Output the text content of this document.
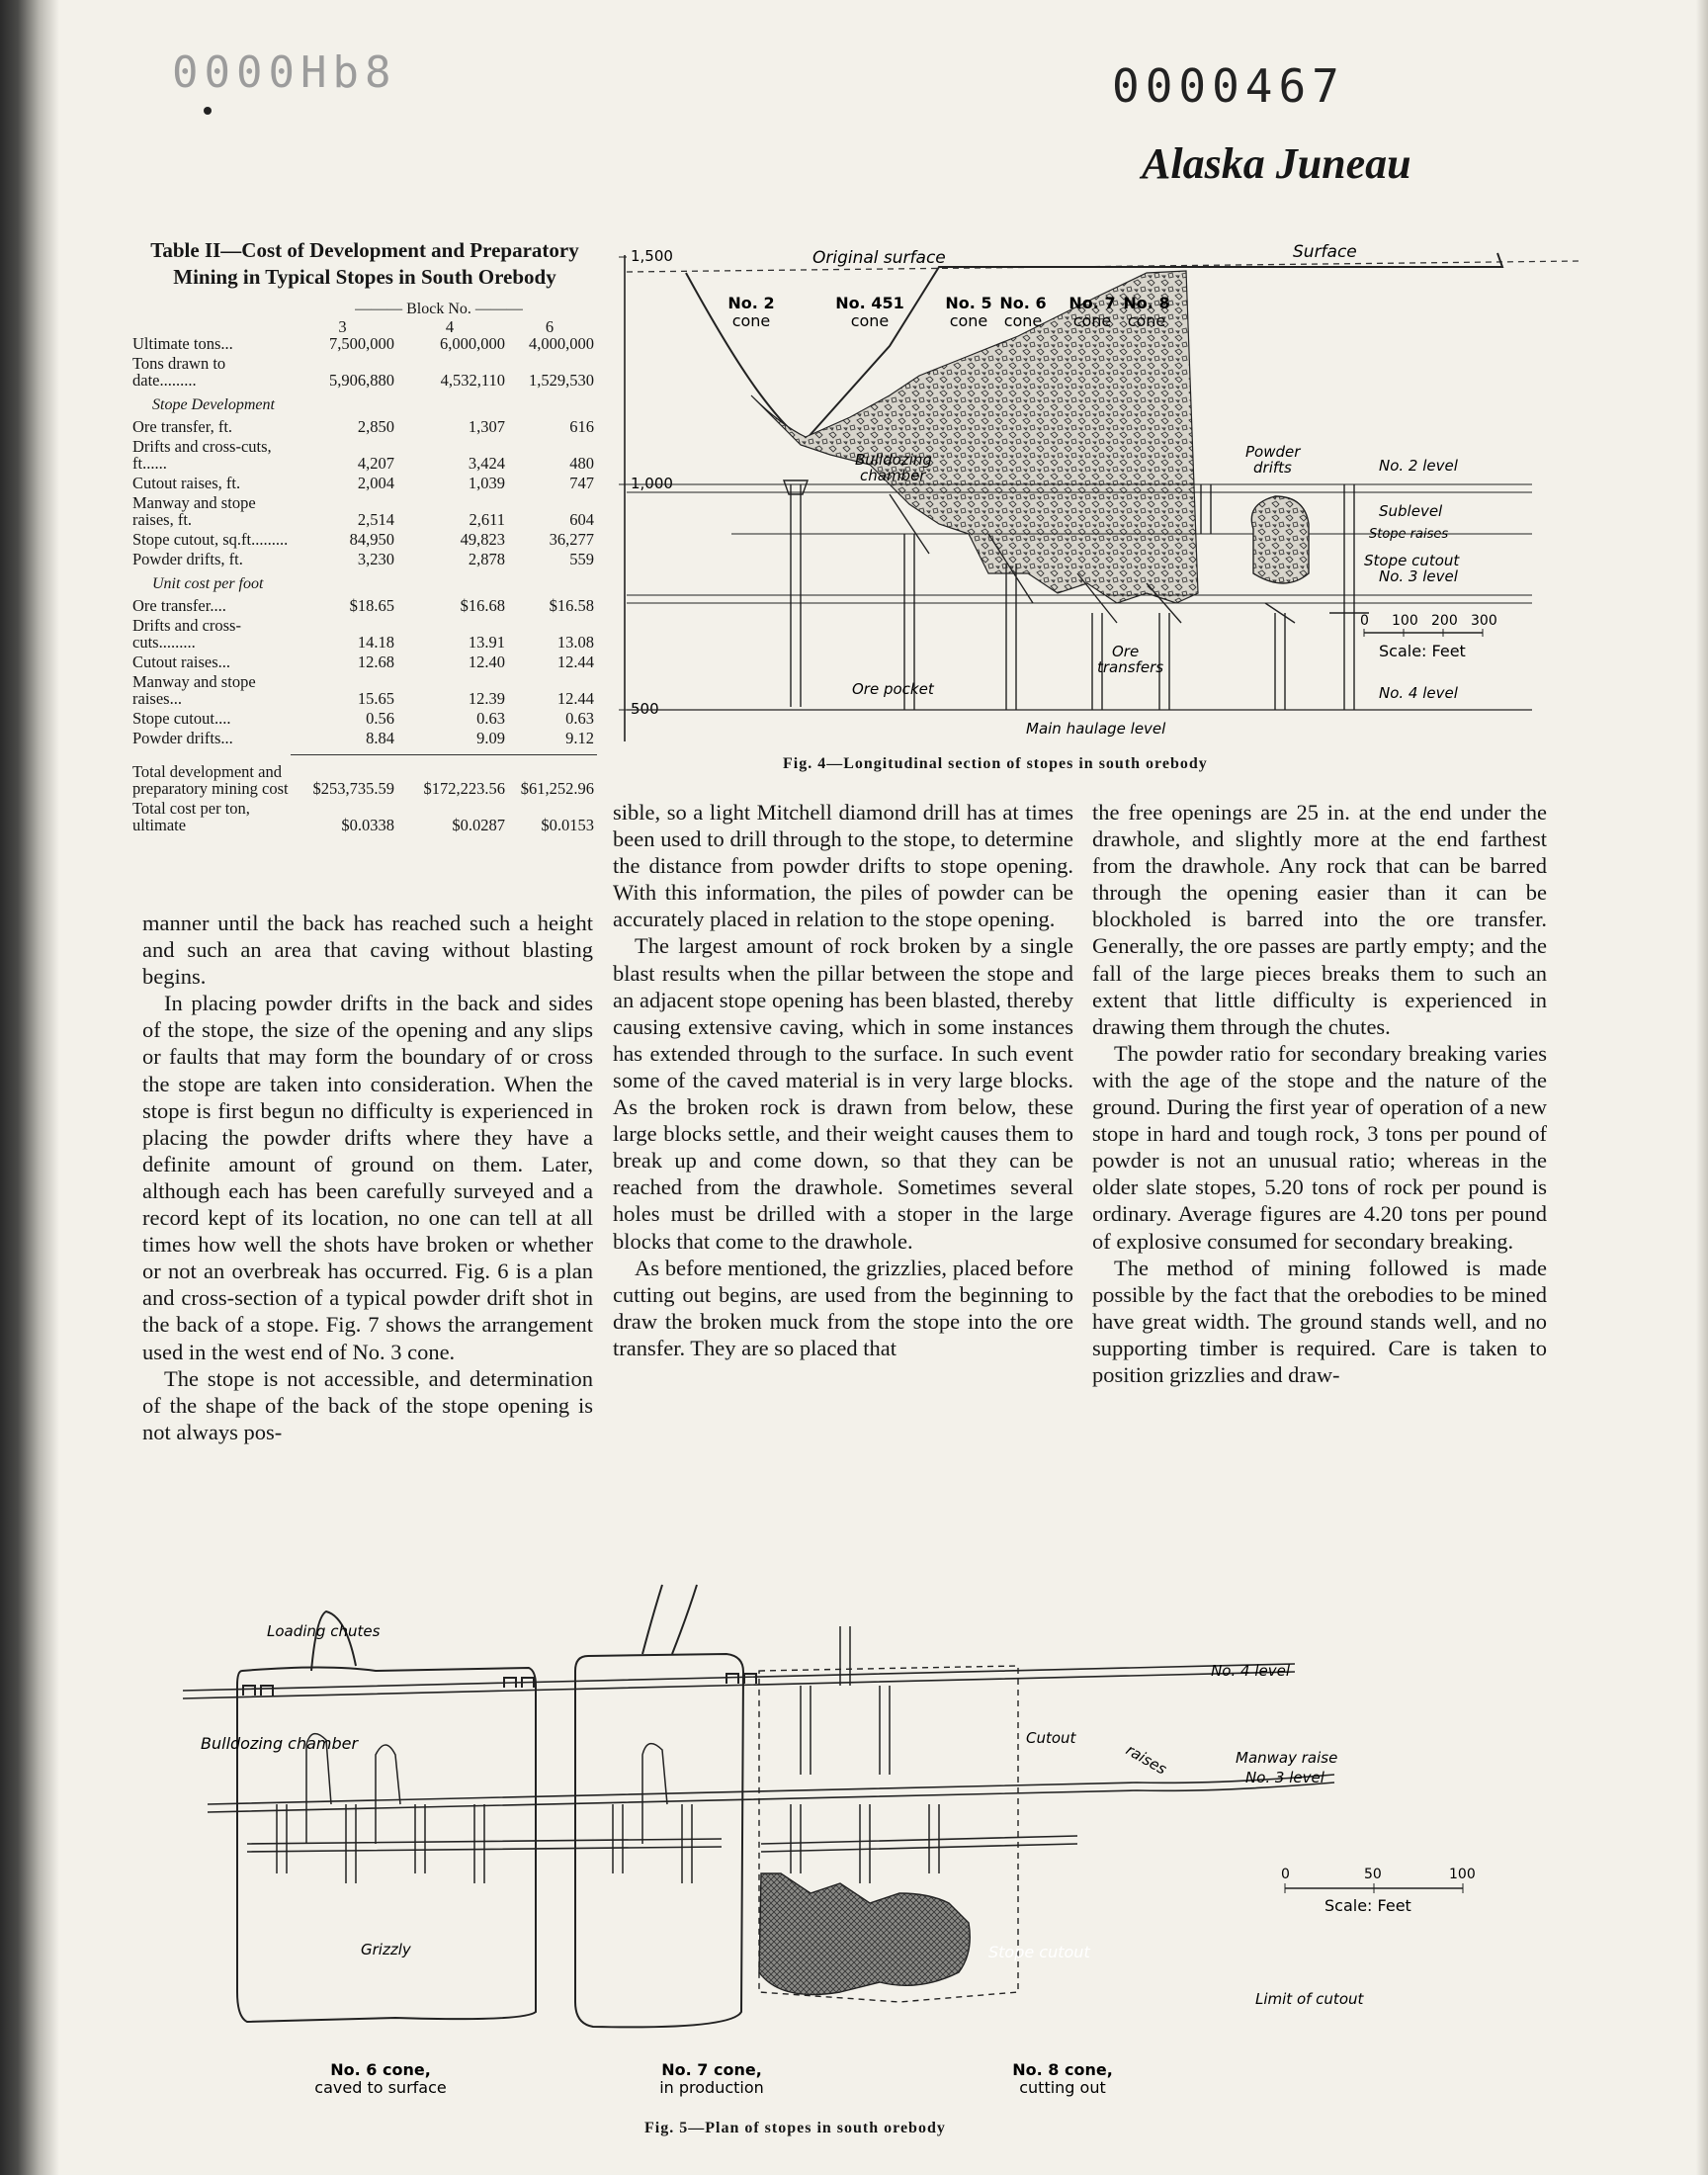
8dH0000	0000467
Alaska Juneau
Table II—Cost of Development and Preparatory Mining in Typical Stopes in South Orebody
——— Block No. ———
3	4	6
Ultimate tons...	7,500,000	6,000,000	4,000,000
Tons drawn to date.........	5,906,880	4,532,110	1,529,530
Stope Development
Ore transfer, ft.	2,850	1,307	616
Drifts and cross-cuts, ft......	4,207	3,424	480
Cutout raises, ft.	2,004	1,039	747
Manway and stope raises, ft.	2,514	2,611	604
Stope cutout, sq.ft.........	84,950	49,823	36,277
Powder drifts, ft.	3,230	2,878	559
Unit cost per foot
Ore transfer....	$18.65	$16.68	$16.58
Drifts and cross-cuts.........	14.18	13.91	13.08
Cutout raises...	12.68	12.40	12.44
Manway and stope raises...	15.65	12.39	12.44
Stope cutout....	0.56	0.63	0.63
Powder drifts...	8.84	9.09	9.12
Total development and preparatory mining cost	$253,735.59	$172,223.56 $61,252.96
Total cost per ton, ultimate	$0.0338	$0.0287	$0.0153
1,500
1,000
500
Original surface	Surface
No. 2
cone
No. 451
cone
No. 5
cone
No. 6
cone
No. 7
cone
No. 8
cone
Bulldozing
chamber
Powder
drifts	No. 2 level
Sublevel
Stope raises
Stope cutout
No. 3 level
Ore
transfers
Ore pocket	No. 4 level
Main haulage level
0 100 200 300
Scale: Feet
Fig. 4—Longitudinal section of stopes in south orebody

manner until the back has reached such a height and such an area that caving without blasting begins.

In placing powder drifts in the back and sides of the stope, the size of the opening and any slips or faults that may form the boundary of or cross the stope are taken into consideration. When the stope is first begun no difficulty is experienced in placing the powder drifts where they have a definite amount of ground on them. Later, although each has been carefully surveyed and a record kept of its location, no one can tell at all times how well the shots have broken or whether or not an overbreak has occurred. Fig. 6 is a plan and cross-section of a typical powder drift shot in the back of a stope. Fig. 7 shows the arrangement used in the west end of No. 3 cone.

The stope is not accessible, and determination of the shape of the back of the stope opening is not always pos-

sible, so a light Mitchell diamond drill has at times been used to drill through to the stope, to determine the distance from powder drifts to stope opening. With this information, the piles of powder can be accurately placed in relation to the stope opening.

The largest amount of rock broken by a single blast results when the pillar between the stope and an adjacent stope opening has been blasted, thereby causing extensive caving, which in some instances has extended through to the surface. In such event some of the caved material is in very large blocks. As the broken rock is drawn from below, these large blocks settle, and their weight causes them to break up and come down, so that they can be reached from the drawhole. Sometimes several holes must be drilled with a stoper in the large blocks that come to the drawhole.

As before mentioned, the grizzlies, placed before cutting out begins, are used from the beginning to draw the broken muck from the stope into the ore transfer. They are so placed that

the free openings are 25 in. at the end under the drawhole, and slightly more at the end farthest from the drawhole. Any rock that can be barred through the opening easier than it can be blockholed is barred into the ore transfer. Generally, the ore passes are partly empty; and the fall of the large pieces breaks them to such an extent that little difficulty is experienced in drawing them through the chutes.

The powder ratio for secondary breaking varies with the age of the stope and the nature of the ground. During the first year of operation of a new stope in hard and tough rock, 3 tons per pound of powder is not an unusual ratio; whereas in the older slate stopes, 5.20 tons of rock per pound is ordinary. Average figures are 4.20 tons per pound of explosive consumed for secondary breaking.

The method of mining followed is made possible by the fact that the orebodies to be mined have great width. The ground stands well, and no supporting timber is required. Care is taken to position grizzlies and draw-

Loading chutes
No. 4 level
Bulldozing chamber	Cutout
raises	Manway raise
No. 3 level
Grizzly	Stope cutout
Limit of cutout
0	50	100
Scale: Feet
No. 6 cone,
caved to surface
No. 7 cone,
in production
No. 8 cone,
cutting out
Fig. 5—Plan of stopes in south orebody
